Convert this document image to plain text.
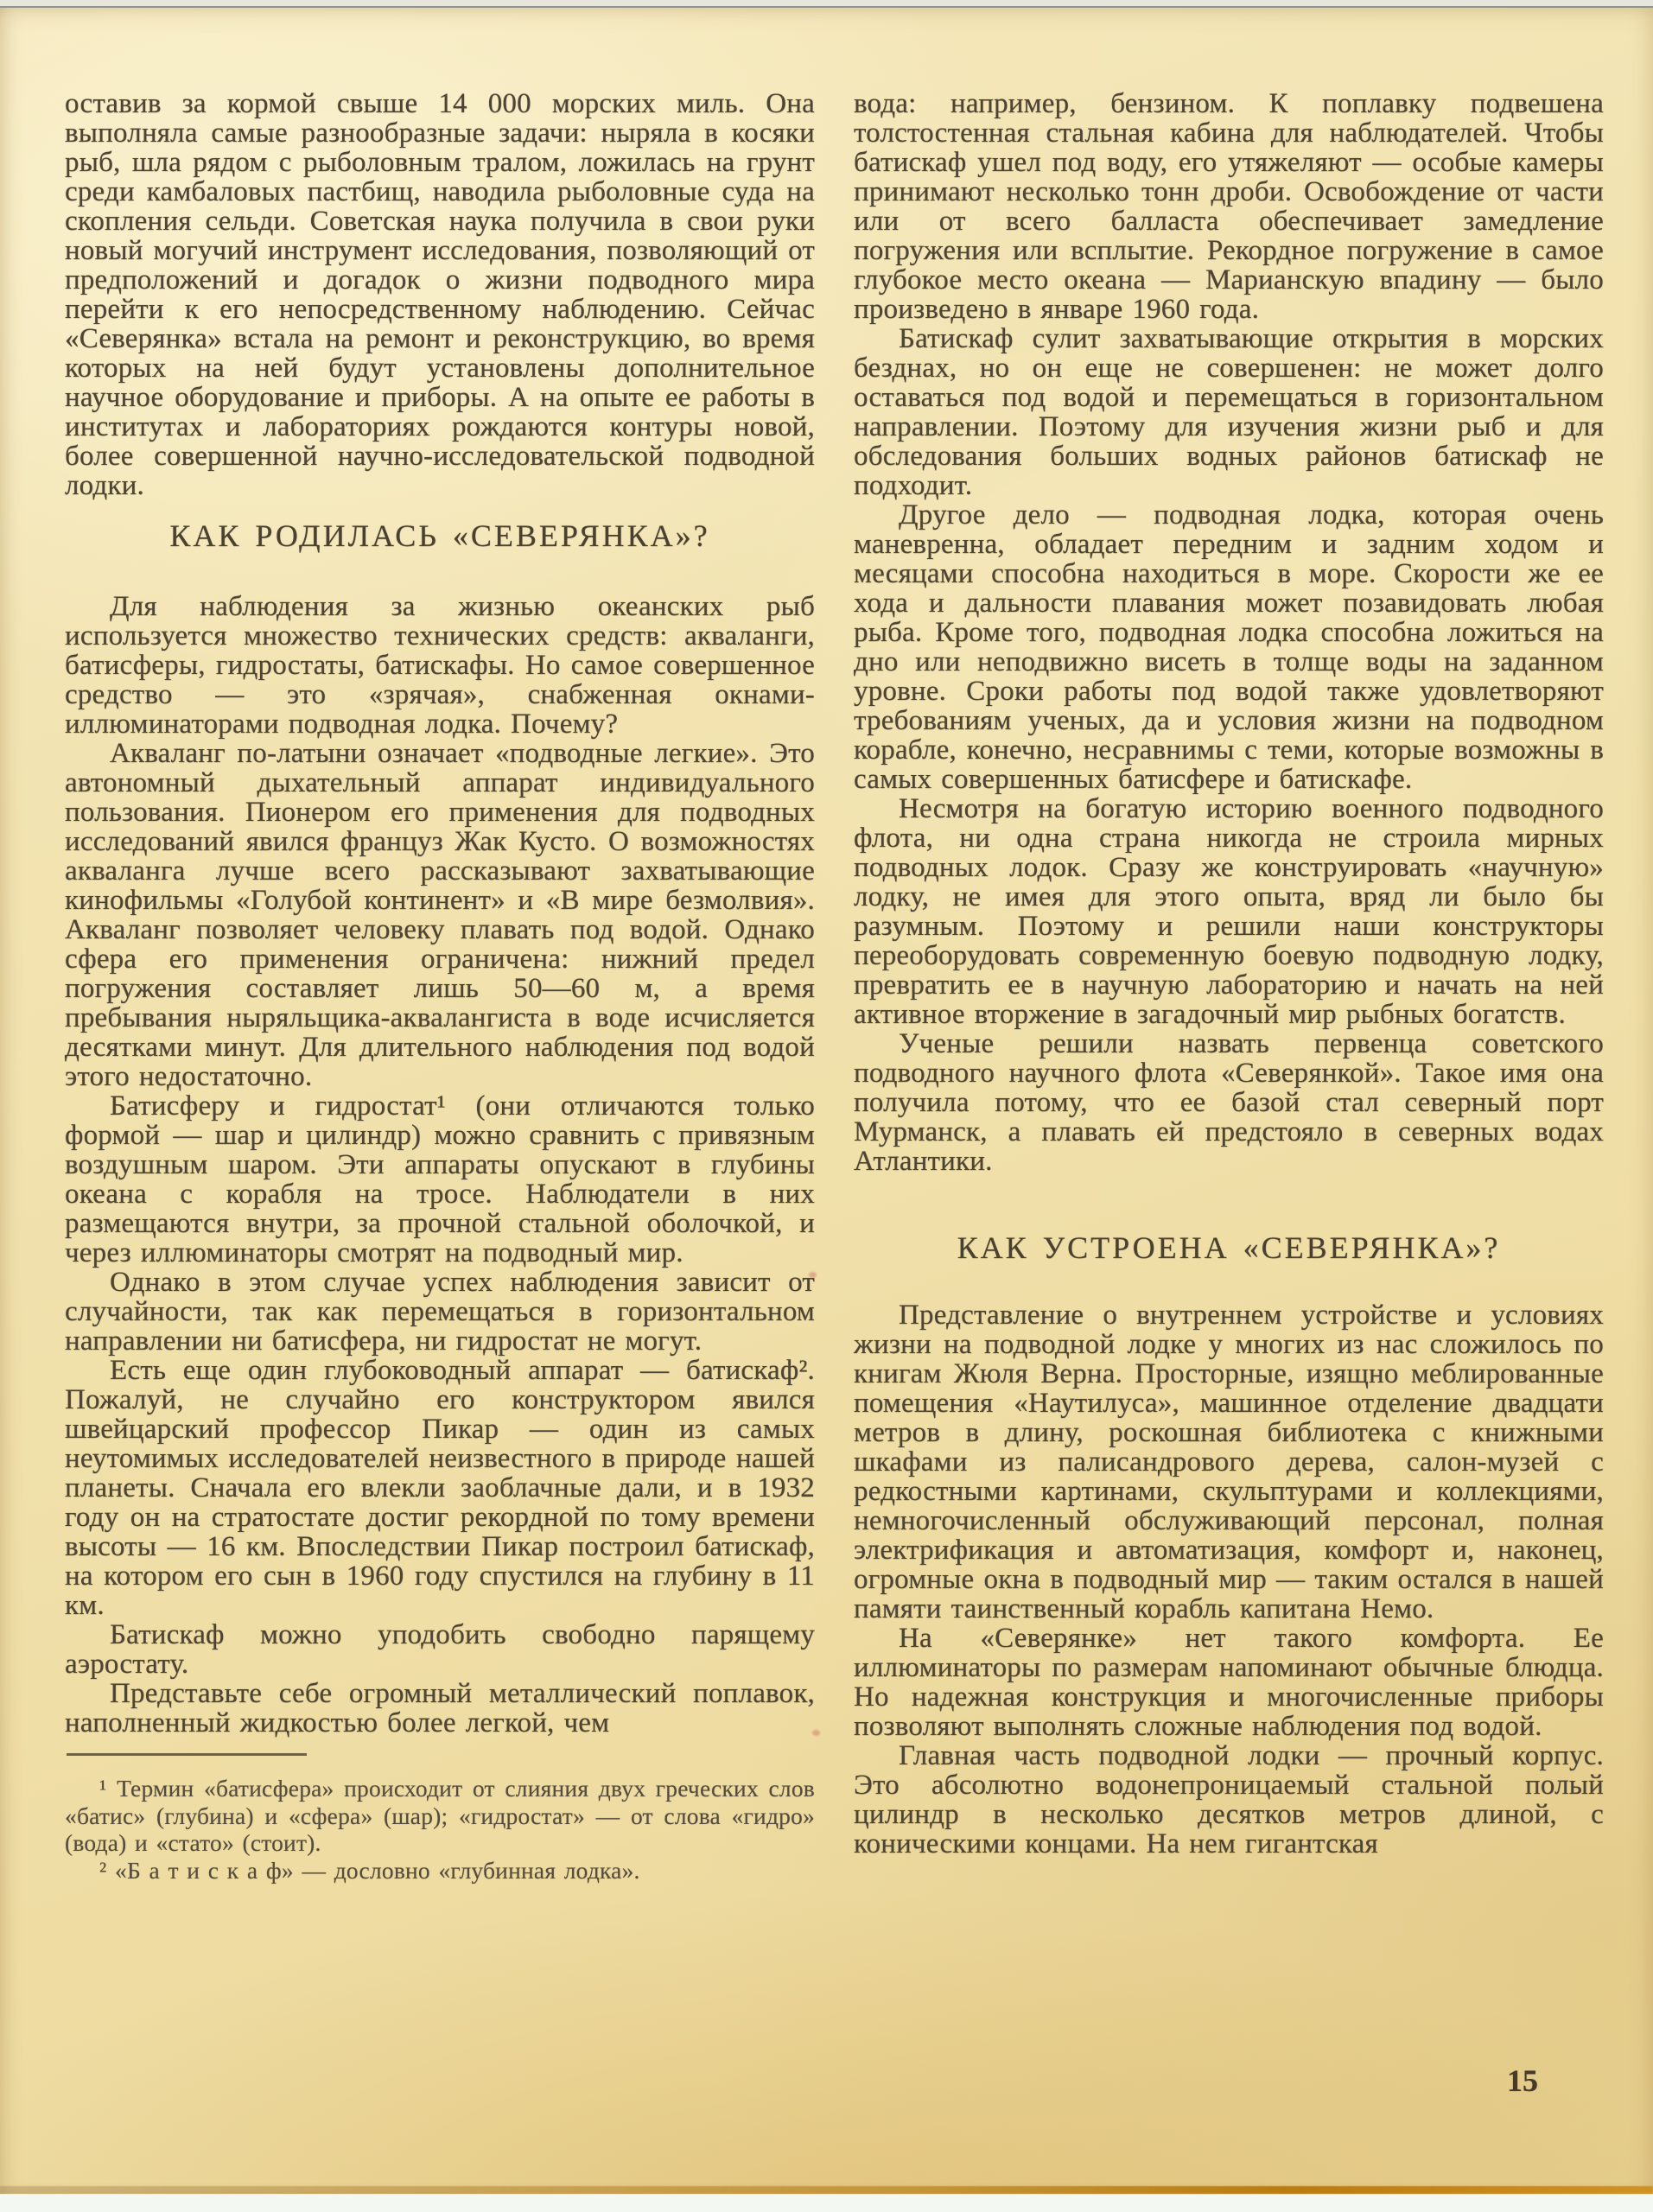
оставив за кормой свыше 14 000 морских миль. Она выполняла самые разнообразные задачи: ныряла в косяки рыб, шла рядом с рыболовным тралом, ложилась на грунт среди камбаловых пастбищ, наводила рыболовные суда на скопления сельди. Советская наука получила в свои руки новый могучий инструмент исследования, позволяющий от предположений и догадок о жизни подводного мира перейти к его непосредственному наблюдению. Сейчас «Северянка» встала на ремонт и реконструкцию, во время которых на ней будут установлены дополнительное научное оборудование и приборы. А на опыте ее работы в институтах и лабораториях рождаются контуры новой, более совершенной научно-исследовательской подводной лодки.

КАК РОДИЛАСЬ «СЕВЕРЯНКА»?

Для наблюдения за жизнью океанских рыб используется множество технических средств: акваланги, батисферы, гидростаты, батискафы. Но самое совершенное средство — это «зрячая», снабженная окнами-иллюминаторами подводная лодка. Почему?

Акваланг по-латыни означает «подводные легкие». Это автономный дыхательный аппарат индивидуального пользования. Пионером его применения для подводных исследований явился француз Жак Кусто. О возможностях акваланга лучше всего рассказывают захватывающие кинофильмы «Голубой континент» и «В мире безмолвия». Акваланг позволяет человеку плавать под водой. Однако сфера его применения ограничена: нижний предел погружения составляет лишь 50—60 м, а время пребывания ныряльщика-аквалангиста в воде исчисляется десятками минут. Для длительного наблюдения под водой этого недостаточно.

Батисферу и гидростат¹ (они отличаются только формой — шар и цилиндр) можно сравнить с привязным воздушным шаром. Эти аппараты опускают в глубины океана с корабля на тросе. Наблюдатели в них размещаются внутри, за прочной стальной оболочкой, и через иллюминаторы смотрят на подводный мир.

Однако в этом случае успех наблюдения зависит от случайности, так как перемещаться в горизонтальном направлении ни батисфера, ни гидростат не могут.

Есть еще один глубоководный аппарат — батискаф². Пожалуй, не случайно его конструктором явился швейцарский профессор Пикар — один из самых неутомимых исследователей неизвестного в природе нашей планеты. Сначала его влекли заоблачные дали, и в 1932 году он на стратостате достиг рекордной по тому времени высоты — 16 км. Впоследствии Пикар построил батискаф, на котором его сын в 1960 году спустился на глубину в 11 км.

Батискаф можно уподобить свободно парящему аэростату.

Представьте себе огромный металлический поплавок, наполненный жидкостью более легкой, чем

¹ Термин «батисфера» происходит от слияния двух греческих слов «батис» (глубина) и «сфера» (шар); «гидростат» — от слова «гидро» (вода) и «стато» (стоит).

² «Б а т и с к а ф» — дословно «глубинная лодка».

вода: например, бензином. К поплавку подвешена толстостенная стальная кабина для наблюдателей. Чтобы батискаф ушел под воду, его утяжеляют — особые камеры принимают несколько тонн дроби. Освобождение от части или от всего балласта обеспечивает замедление погружения или всплытие. Рекордное погружение в самое глубокое место океана — Марианскую впадину — было произведено в январе 1960 года.

Батискаф сулит захватывающие открытия в морских безднах, но он еще не совершенен: не может долго оставаться под водой и перемещаться в горизонтальном направлении. Поэтому для изучения жизни рыб и для обследования больших водных районов батискаф не подходит.

Другое дело — подводная лодка, которая очень маневренна, обладает передним и задним ходом и месяцами способна находиться в море. Скорости же ее хода и дальности плавания может позавидовать любая рыба. Кроме того, подводная лодка способна ложиться на дно или неподвижно висеть в толще воды на заданном уровне. Сроки работы под водой также удовлетворяют требованиям ученых, да и условия жизни на подводном корабле, конечно, несравнимы с теми, которые возможны в самых совершенных батисфере и батискафе.

Несмотря на богатую историю военного подводного флота, ни одна страна никогда не строила мирных подводных лодок. Сразу же конструировать «научную» лодку, не имея для этого опыта, вряд ли было бы разумным. Поэтому и решили наши конструкторы переоборудовать современную боевую подводную лодку, превратить ее в научную лабораторию и начать на ней активное вторжение в загадочный мир рыбных богатств.

Ученые решили назвать первенца советского подводного научного флота «Северянкой». Такое имя она получила потому, что ее базой стал северный порт Мурманск, а плавать ей предстояло в северных водах Атлантики.

КАК УСТРОЕНА «СЕВЕРЯНКА»?

Представление о внутреннем устройстве и условиях жизни на подводной лодке у многих из нас сложилось по книгам Жюля Верна. Просторные, изящно меблированные помещения «Наутилуса», машинное отделение двадцати метров в длину, роскошная библиотека с книжными шкафами из палисандрового дерева, салон-музей с редкостными картинами, скульптурами и коллекциями, немногочисленный обслуживающий персонал, полная электрификация и автоматизация, комфорт и, наконец, огромные окна в подводный мир — таким остался в нашей памяти таинственный корабль капитана Немо.

На «Северянке» нет такого комфорта. Ее иллюминаторы по размерам напоминают обычные блюдца. Но надежная конструкция и многочисленные приборы позволяют выполнять сложные наблюдения под водой.

Главная часть подводной лодки — прочный корпус. Это абсолютно водонепроницаемый стальной полый цилиндр в несколько десятков метров длиной, с коническими концами. На нем гигантская

15
